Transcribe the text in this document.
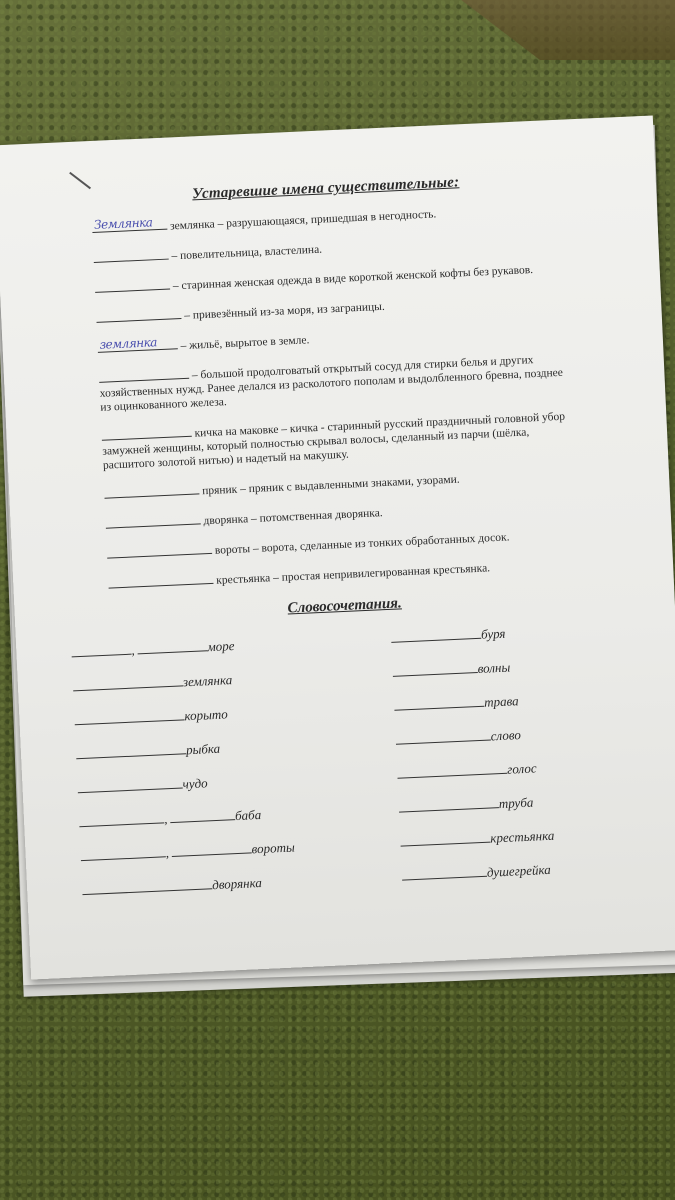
Устаревшие имена существительные:
Землянка землянка – разрушающаяся, пришедшая в негодность.
– повелительница, властелина.
– старинная женская одежда в виде короткой женской кофты без рукавов.
– привезённый из-за моря, из заграницы.
землянка – жильё, вырытое в земле.
– большой продолговатый открытый сосуд для стирки белья и других хозяйственных нужд. Ранее делался из расколотого пополам и выдолбленного бревна, позднее из оцинкованного железа.
кичка на маковке – кичка - старинный русский праздничный головной убор замужней женщины, который полностью скрывал волосы, сделанный из парчи (шёлка, расшитого золотой нитью) и надетый на макушку.
пряник – пряник с выдавленными знаками, узорами.
дворянка – потомственная дворянка.
вороты – ворота, сделанные из тонких обработанных досок.
крестьянка – простая непривилегированная крестьянка.
Словосочетания.
,	море
землянка
корыто
рыбка
чудо
,	баба
,	вороты
дворянка
буря
волны
трава
слово
голос
труба
крестьянка
душегрейка
